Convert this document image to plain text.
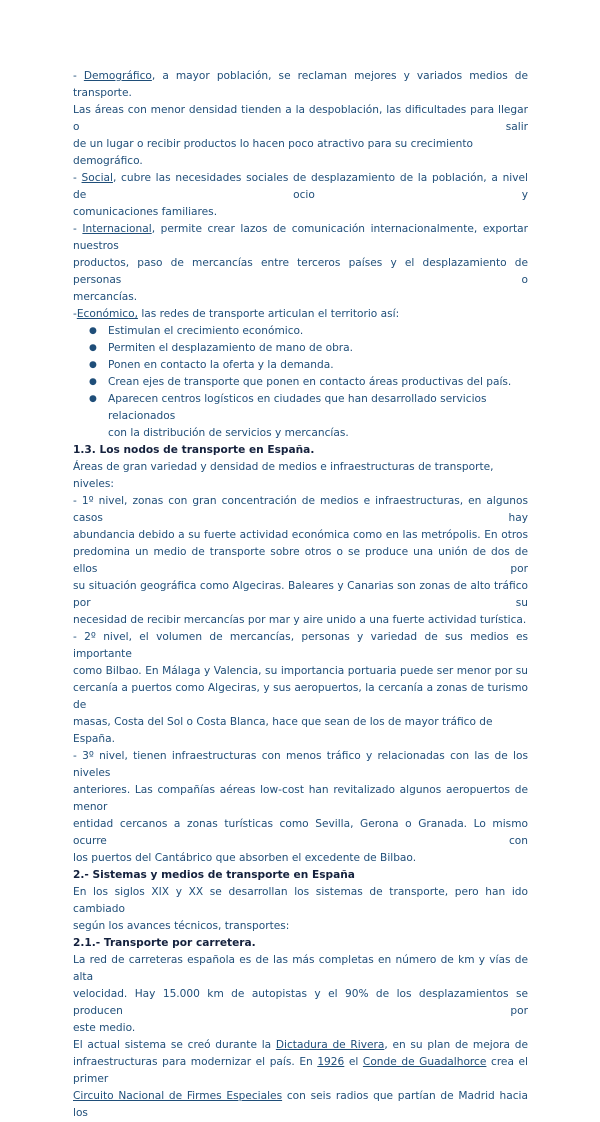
- Demográfico, a mayor población, se reclaman mejores y variados medios de transporte.

Las áreas con menor densidad tienden a la despoblación, las dificultades para llegar o salir

de un lugar o recibir productos lo hacen poco atractivo para su crecimiento demográfico.

- Social, cubre las necesidades sociales de desplazamiento de la población, a nivel de ocio y

comunicaciones familiares.

- Internacional, permite crear lazos de comunicación internacionalmente, exportar nuestros

productos, paso de mercancías entre terceros países y el desplazamiento de personas o

mercancías.

-Económico, las redes de transporte articulan el territorio así:

● Estimulan el crecimiento económico.
● Permiten el desplazamiento de mano de obra.
● Ponen en contacto la oferta y la demanda.
● Crean ejes de transporte que ponen en contacto áreas productivas del país.
● Aparecen centros logísticos en ciudades que han desarrollado servicios relacionados
con la distribución de servicios y mercancías.

1.3. Los nodos de transporte en España.

Áreas de gran variedad y densidad de medios e infraestructuras de transporte, niveles:

- 1º nivel, zonas con gran concentración de medios e infraestructuras, en algunos casos hay

abundancia debido a su fuerte actividad económica como en las metrópolis. En otros

predomina un medio de transporte sobre otros o se produce una unión de dos de ellos por

su situación geográfica como Algeciras. Baleares y Canarias son zonas de alto tráfico por su

necesidad de recibir mercancías por mar y aire unido a una fuerte actividad turística.

- 2º nivel, el volumen de mercancías, personas y variedad de sus medios es importante

como Bilbao. En Málaga y Valencia, su importancia portuaria puede ser menor por su

cercanía a puertos como Algeciras, y sus aeropuertos, la cercanía a zonas de turismo de

masas, Costa del Sol o Costa Blanca, hace que sean de los de mayor tráfico de España.

- 3º nivel, tienen infraestructuras con menos tráfico y relacionadas con las de los niveles

anteriores. Las compañías aéreas low-cost han revitalizado algunos aeropuertos de menor

entidad cercanos a zonas turísticas como Sevilla, Gerona o Granada. Lo mismo ocurre con

los puertos del Cantábrico que absorben el excedente de Bilbao.

2.- Sistemas y medios de transporte en España

En los siglos XIX y XX se desarrollan los sistemas de transporte, pero han ido cambiado

según los avances técnicos, transportes:

2.1.- Transporte por carretera.

La red de carreteras española es de las más completas en número de km y vías de alta

velocidad. Hay 15.000 km de autopistas y el 90% de los desplazamientos se producen por

este medio.

El actual sistema se creó durante la Dictadura de Rivera, en su plan de mejora de

infraestructuras para modernizar el país. En 1926 el Conde de Guadalhorce crea el primer

Circuito Nacional de Firmes Especiales con seis radios que partían de Madrid hacia los
